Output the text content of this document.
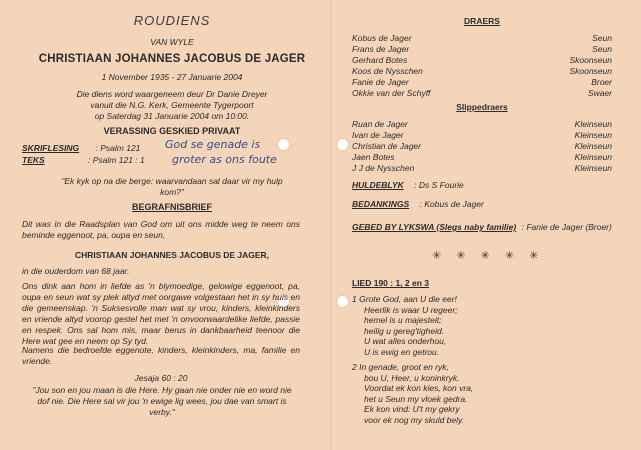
ROUDIENS
VAN WYLE
CHRISTIAAN JOHANNES JACOBUS DE JAGER
1 November 1935 - 27 Januarie 2004
Die diens word waargeneem deur Dr Danie Dreyer
vanuit die N.G. Kerk, Gemeente Tygerpoort
op Saterdag 31 Januarie 2004 om 10:00.
VERASSING GESKIED PRIVAAT
SKRIFLESING : Psalm 121
TEKS	: Psalm 121 : 1
God se genade is
groter as ons foute
"Ek kyk op na die berge: waarvandaan sal daar vir my hulp kom?"
BEGRAFNISBRIEF
Dit was in die Raadsplan van God om uit ons midde weg te neem ons beminde eggenoot, pa, oupa en seun,
CHRISTIAAN JOHANNES JACOBUS DE JAGER,
in die ouderdom van 68 jaar.
Ons dink aan hom in liefde as 'n blymoedige, gelowige eggenoot, pa, oupa en seun wat sy plek altyd met oorgawe volgestaan het in sy huis en die gemeenskap. 'n Suksesvolle man wat sy vrou, kinders, kleinkinders en vriende altyd voorop gestel het met 'n onvoorwaardelike liefde, passie en respek. Ons sal hom mis, maar berus in dankbaarheid teenoor die Here wat gee en neem op Sy tyd.
Namens die bedroefde eggenote, kinders, kleinkinders, ma, familie en vriende.
Jesaja 60 : 20
"Jou son en jou maan is die Here. Hy gaan nie onder nie en word nie dof nie. Die Here sal vir jou 'n ewige lig wees, jou dae van smart is verby."
DRAERS
Kobus de Jager	Seun
Frans de Jager	Seun
Gerhard Botes	Skoonseun
Koos de Nysschen	Skoonseun
Fanie de Jager	Broer
Okkie van der Schyff	Swaer
Slippedraers
Ruan de Jager	Kleinseun
Ivan de Jager	Kleinseun
Christian de Jager	Kleinseun
Jaen Botes	Kleinseun
J J de Nysschen	Kleinseun
HULDEBLYK : Ds S Fourie
BEDANKINGS : Kobus de Jager
GEBED BY LYKSWA (Slegs naby familie) : Fanie de Jager (Broer)
✳ ✳ ✳ ✳ ✳
LIED 190 : 1, 2 en 3
1 Grote God, aan U die eer!
Heerlik is waar U regeer;
hemel is u majesteit;
heilig u gereg'tigheid.
U wat alles onderhou,
U is ewig en getrou.
2 In genade, groot en ryk,
bou U, Heer, u koninkryk.
Voordat ek kon kies, kon vra,
het u Seun my vloek gedra.
Ek kon vind: U't my gekry
voor ek nog my skuld bely.
